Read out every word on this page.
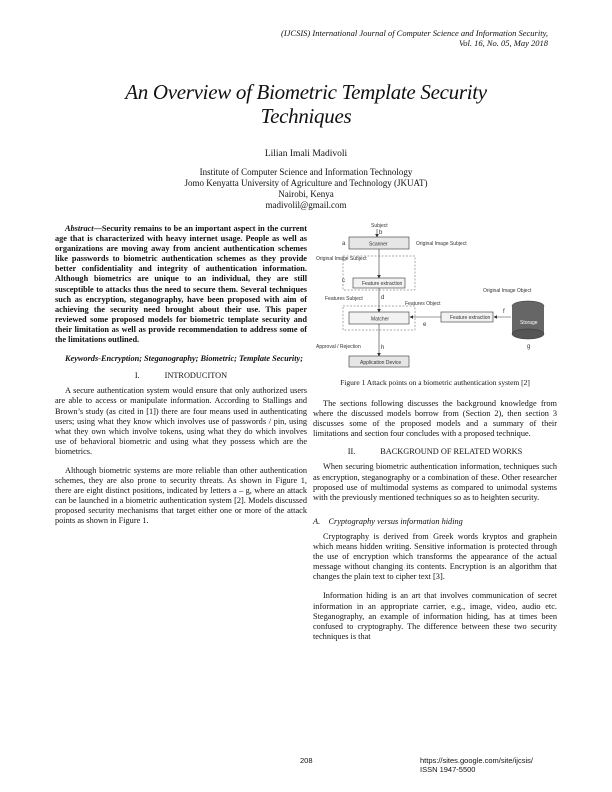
(IJCSIS) International Journal of Computer Science and Information Security,
Vol. 16, No. 05, May 2018
An Overview of Biometric Template Security
Techniques
Lilian Imali Madivoli
Institute of Computer Science and Information Technology
Jomo Kenyatta University of Agriculture and Technology (JKUAT)
Nairobi, Kenya
madivolil@gmail.com

Abstract—Security remains to be an important aspect in the current age that is characterized with heavy internet usage. People as well as organizations are moving away from ancient authentication schemes like passwords to biometric authentication schemes as they provide better confidentiality and integrity of authentication information. Although biometrics are unique to an individual, they are still susceptible to attacks thus the need to secure them. Several techniques such as encryption, steganography, have been proposed with aim of achieving the security need brought about their use. This paper reviewed some proposed models for biometric template security and their limitation as well as provide recommendation to address some of the limitations outlined.

Keywords-Encryption; Steganography; Biometric; Template Security;

I.   INTRODUCITON

A secure authentication system would ensure that only authorized users are able to access or manipulate information. According to Stallings and Brown’s study (as cited in [1]) there are four means used in authenticating users; using what they know which involves use of passwords / pin, using what they own which involve tokens, using what they do which involves use of behavioral biometric and using what they possess which are the biometrics.

Although biometric systems are more reliable than other authentication schemes, they are also prone to security threats. As shown in Figure 1, there are eight distinct positions, indicated by letters a – g, where an attack can be launched in a biometric authentication system [2]. Models discussed proposed security mechanisms that target either one or more of the attack points as shown in Figure 1.

Subject
Scanner
a	Original Image Subject
b
Original Image Subject
c	Feature extraction
Features Subject	d
Features Object
Matcher	Feature extraction
e
f
Original Image Object
Storage
g
Approval / Rejection	h
Application Device
Figure 1 Attack points on a biometric authentication system [2]

The sections following discusses the background knowledge from where the discussed models borrow from (Section 2), then section 3 discusses some of the proposed models and a summary of their limitations and section four concludes with a proposed technique.

II.   BACKGROUND OF RELATED WORKS

When securing biometric authentication information, techniques such as encryption, steganography or a combination of these. Other researcher proposed use of multimodal systems as compared to unimodal systems with the previously mentioned techniques so as to heighten security.

A. Cryptography versus information hiding

Cryptography is derived from Greek words kryptos and graphein which means hidden writing. Sensitive information is protected through the use of encryption which transforms the appearance of the actual message without changing its contents. Encryption is an algorithm that changes the plain text to cipher text [3].

Information hiding is an art that involves communication of secret information in an appropriate carrier, e.g., image, video, audio etc. Steganography, an example of information hiding, has at times been confused to cryptography. The difference between these two security techniques is that

208	https://sites.google.com/site/ijcsis/
ISSN 1947-5500
